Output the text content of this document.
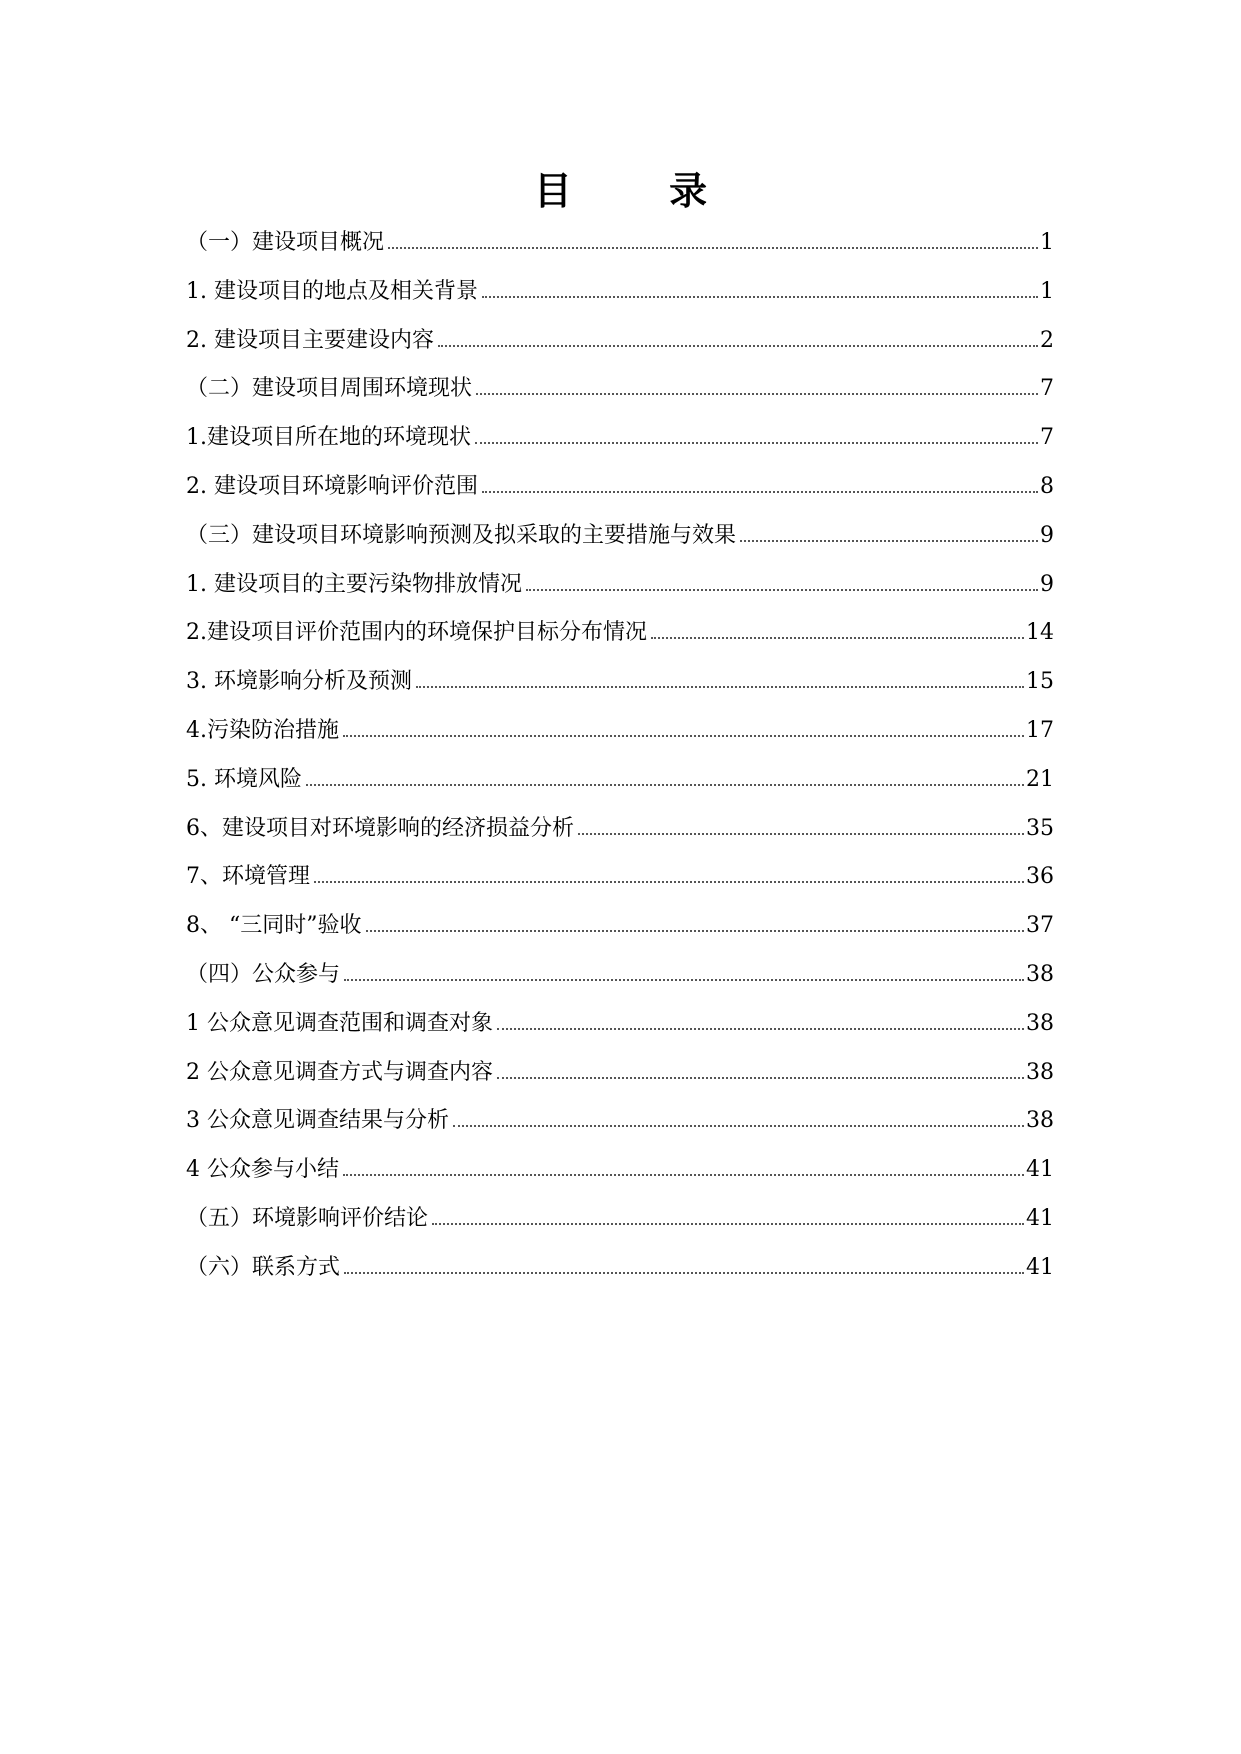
目 录
（一）建设项目概况	1
1. 建设项目的地点及相关背景	1
2. 建设项目主要建设内容	2
（二）建设项目周围环境现状	7
1.建设项目所在地的环境现状	7
2. 建设项目环境影响评价范围	8
（三）建设项目环境影响预测及拟采取的主要措施与效果	9
1. 建设项目的主要污染物排放情况	9
2.建设项目评价范围内的环境保护目标分布情况	14
3. 环境影响分析及预测	15
4.污染防治措施	17
5. 环境风险	21
6、建设项目对环境影响的经济损益分析	35
7、环境管理	36
8、 “三同时”验收	37
（四）公众参与	38
1 公众意见调查范围和调查对象	38
2 公众意见调查方式与调查内容	38
3 公众意见调查结果与分析	38
4 公众参与小结	41
（五）环境影响评价结论	41
（六）联系方式	41
